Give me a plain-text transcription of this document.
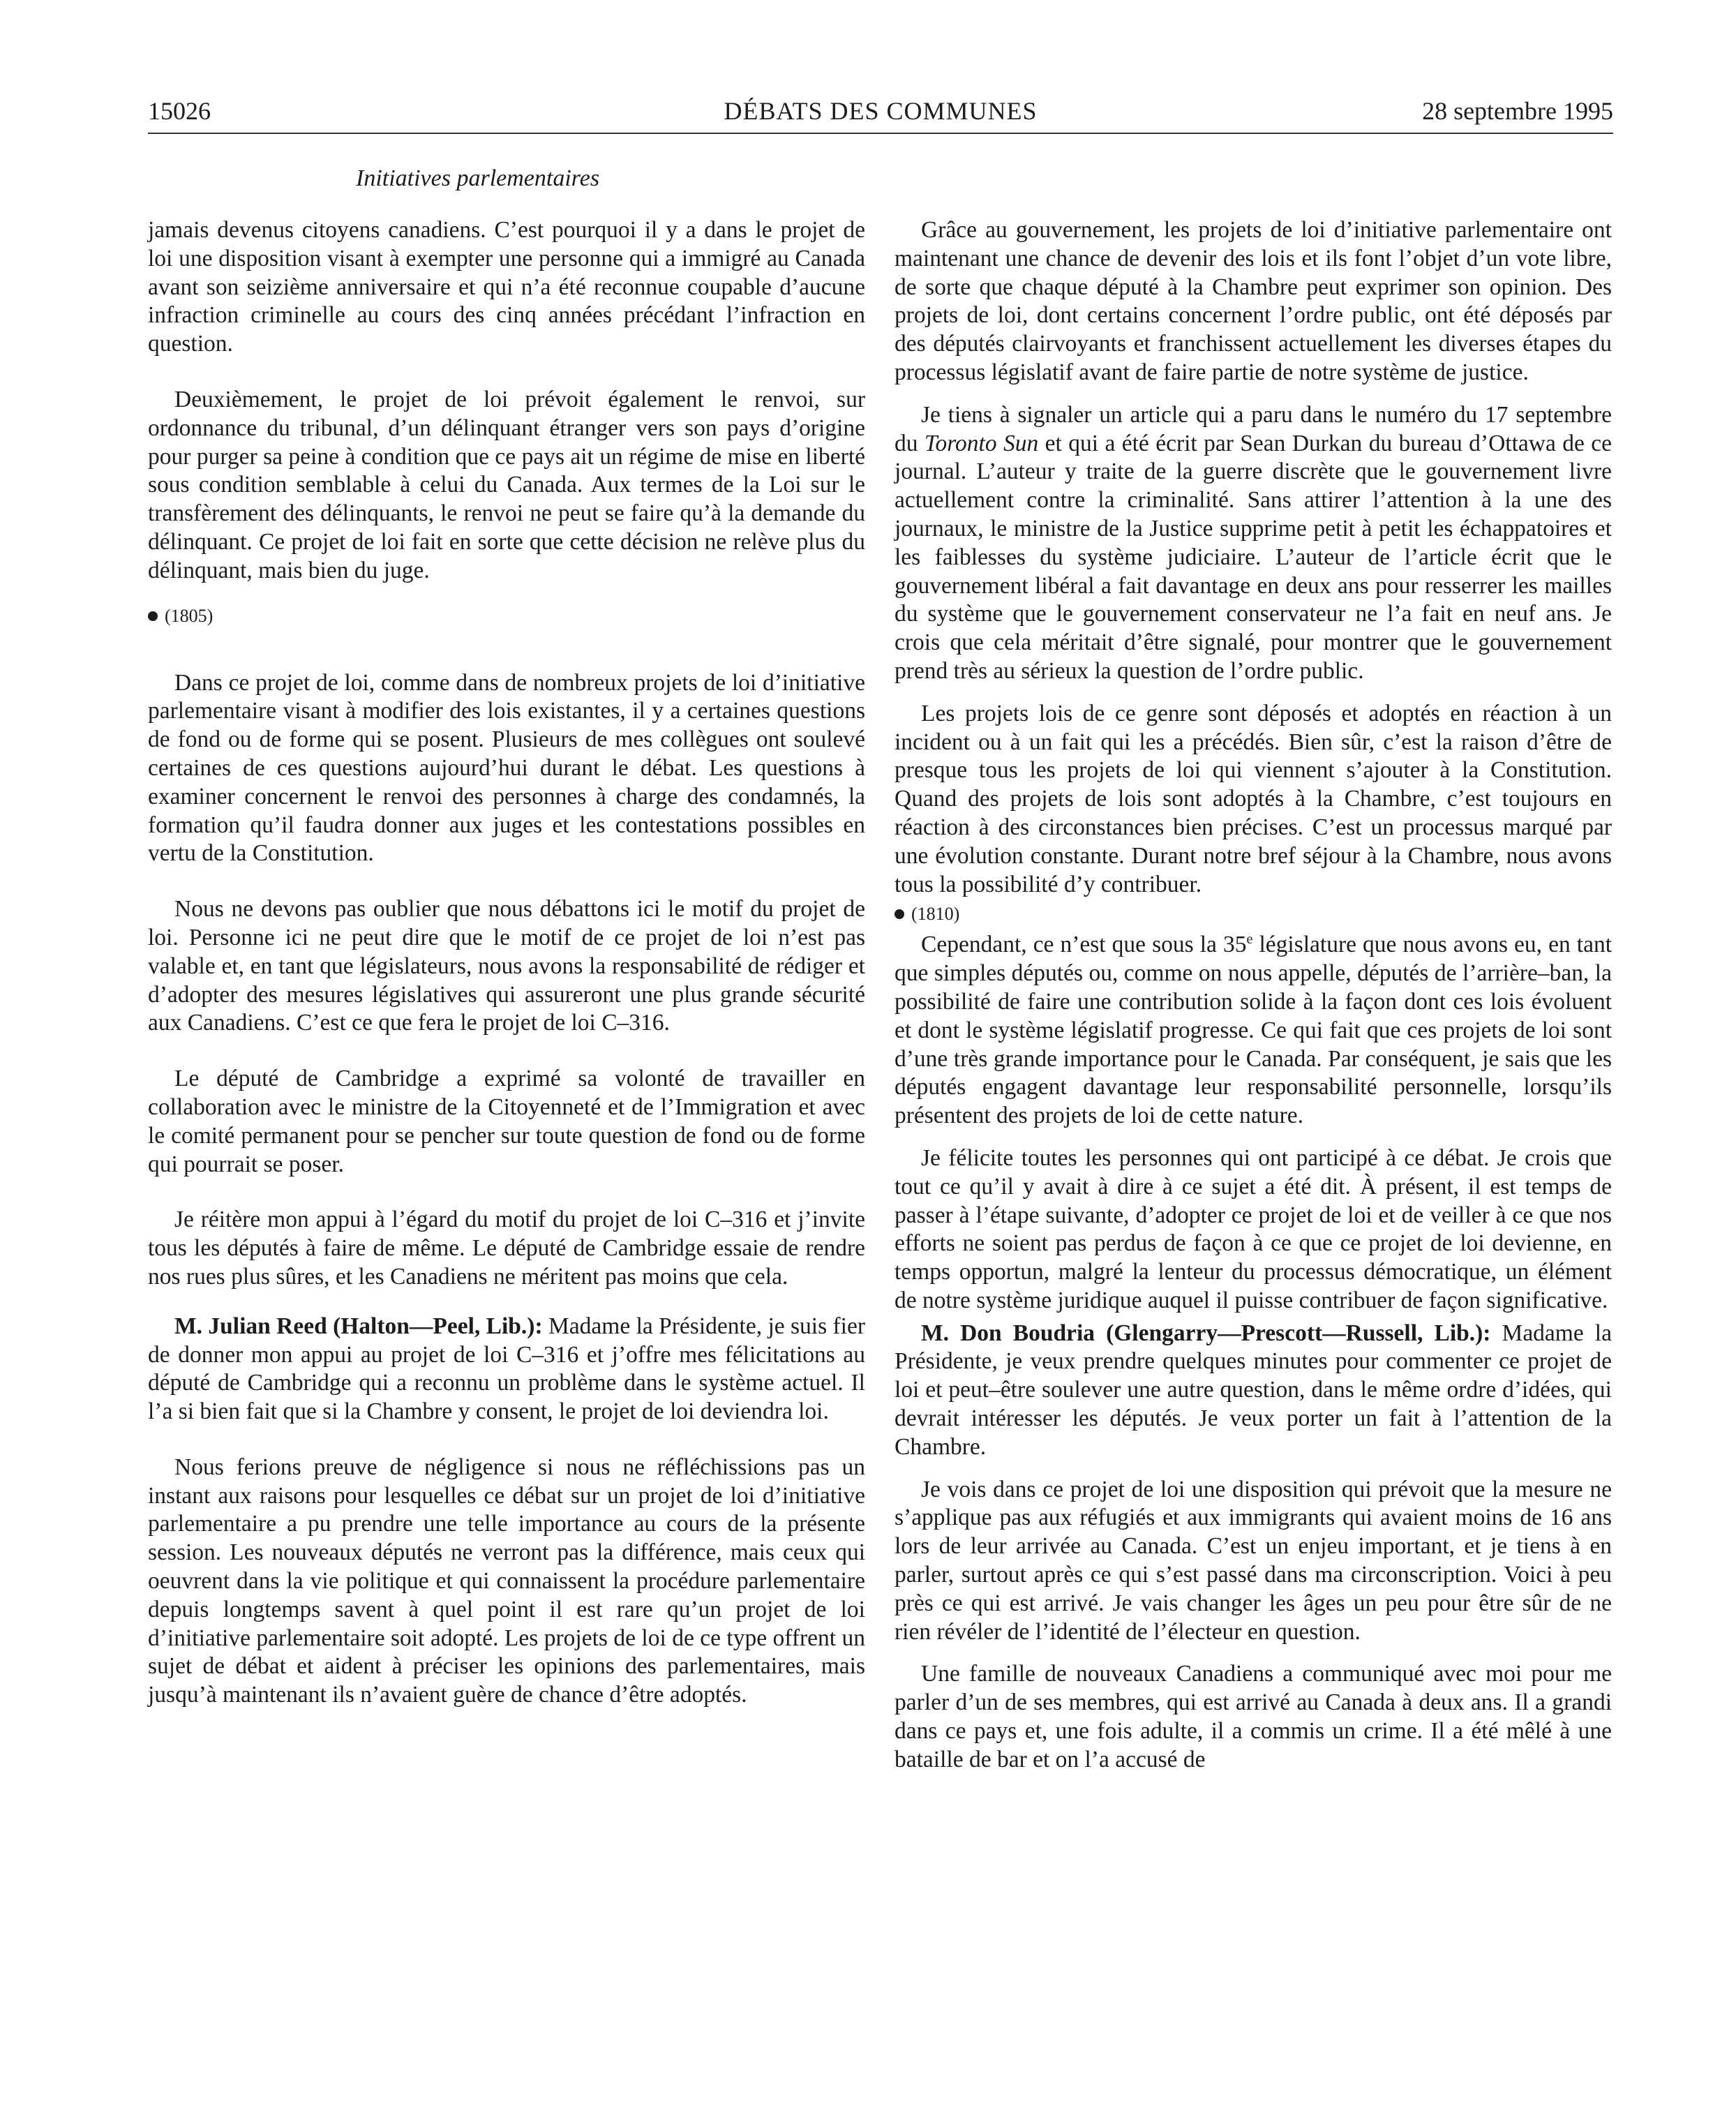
DÉBATS DES COMMUNES
15026	28 septembre 1995
Initiatives parlementaires

jamais devenus citoyens canadiens. C’est pourquoi il y a dans le projet de loi une disposition visant à exempter une personne qui a immigré au Canada avant son seizième anniversaire et qui n’a été reconnue coupable d’aucune infraction criminelle au cours des cinq années précédant l’infraction en question.

Deuxièmement, le projet de loi prévoit également le renvoi, sur ordonnance du tribunal, d’un délinquant étranger vers son pays d’origine pour purger sa peine à condition que ce pays ait un régime de mise en liberté sous condition semblable à celui du Canada. Aux termes de la Loi sur le transfèrement des délinquants, le renvoi ne peut se faire qu’à la demande du délinquant. Ce projet de loi fait en sorte que cette décision ne relève plus du délinquant, mais bien du juge.

(1805)

Dans ce projet de loi, comme dans de nombreux projets de loi d’initiative parlementaire visant à modifier des lois existantes, il y a certaines questions de fond ou de forme qui se posent. Plusieurs de mes collègues ont soulevé certaines de ces questions aujourd’hui durant le débat. Les questions à examiner concernent le renvoi des personnes à charge des condamnés, la formation qu’il faudra donner aux juges et les contestations possibles en vertu de la Constitution.

Nous ne devons pas oublier que nous débattons ici le motif du projet de loi. Personne ici ne peut dire que le motif de ce projet de loi n’est pas valable et, en tant que législateurs, nous avons la responsabilité de rédiger et d’adopter des mesures législatives qui assureront une plus grande sécurité aux Canadiens. C’est ce que fera le projet de loi C–316.

Le député de Cambridge a exprimé sa volonté de travailler en collaboration avec le ministre de la Citoyenneté et de l’Immigration et avec le comité permanent pour se pencher sur toute question de fond ou de forme qui pourrait se poser.

Je réitère mon appui à l’égard du motif du projet de loi C–316 et j’invite tous les députés à faire de même. Le député de Cambridge essaie de rendre nos rues plus sûres, et les Canadiens ne méritent pas moins que cela.

M. Julian Reed (Halton—Peel, Lib.): Madame la Présidente, je suis fier de donner mon appui au projet de loi C–316 et j’offre mes félicitations au député de Cambridge qui a reconnu un problème dans le système actuel. Il l’a si bien fait que si la Chambre y consent, le projet de loi deviendra loi.

Nous ferions preuve de négligence si nous ne réfléchissions pas un instant aux raisons pour lesquelles ce débat sur un projet de loi d’initiative parlementaire a pu prendre une telle importance au cours de la présente session. Les nouveaux députés ne verront pas la différence, mais ceux qui oeuvrent dans la vie politique et qui connaissent la procédure parlementaire depuis longtemps savent à quel point il est rare qu’un projet de loi d’initiative parlementaire soit adopté. Les projets de loi de ce type offrent un sujet de débat et aident à préciser les opinions des parlementaires, mais jusqu’à maintenant ils n’avaient guère de chance d’être adoptés.

Grâce au gouvernement, les projets de loi d’initiative parlementaire ont maintenant une chance de devenir des lois et ils font l’objet d’un vote libre, de sorte que chaque député à la Chambre peut exprimer son opinion. Des projets de loi, dont certains concernent l’ordre public, ont été déposés par des députés clairvoyants et franchissent actuellement les diverses étapes du processus législatif avant de faire partie de notre système de justice.

Je tiens à signaler un article qui a paru dans le numéro du 17 septembre du Toronto Sun et qui a été écrit par Sean Durkan du bureau d’Ottawa de ce journal. L’auteur y traite de la guerre discrète que le gouvernement livre actuellement contre la criminalité. Sans attirer l’attention à la une des journaux, le ministre de la Justice supprime petit à petit les échappatoires et les faiblesses du système judiciaire. L’auteur de l’article écrit que le gouvernement libéral a fait davantage en deux ans pour resserrer les mailles du système que le gouvernement conservateur ne l’a fait en neuf ans. Je crois que cela méritait d’être signalé, pour montrer que le gouvernement prend très au sérieux la question de l’ordre public.

Les projets lois de ce genre sont déposés et adoptés en réaction à un incident ou à un fait qui les a précédés. Bien sûr, c’est la raison d’être de presque tous les projets de loi qui viennent s’ajouter à la Constitution. Quand des projets de lois sont adoptés à la Chambre, c’est toujours en réaction à des circonstances bien précises. C’est un processus marqué par une évolution constante. Durant notre bref séjour à la Chambre, nous avons tous la possibilité d’y contribuer.

(1810)

Cependant, ce n’est que sous la 35e législature que nous avons eu, en tant que simples députés ou, comme on nous appelle, députés de l’arrière–ban, la possibilité de faire une contribution solide à la façon dont ces lois évoluent et dont le système législatif progresse. Ce qui fait que ces projets de loi sont d’une très grande importance pour le Canada. Par conséquent, je sais que les députés engagent davantage leur responsabilité personnelle, lorsqu’ils présentent des projets de loi de cette nature.

Je félicite toutes les personnes qui ont participé à ce débat. Je crois que tout ce qu’il y avait à dire à ce sujet a été dit. À présent, il est temps de passer à l’étape suivante, d’adopter ce projet de loi et de veiller à ce que nos efforts ne soient pas perdus de façon à ce que ce projet de loi devienne, en temps opportun, malgré la lenteur du processus démocratique, un élément de notre système juridique auquel il puisse contribuer de façon significative.

M. Don Boudria (Glengarry—Prescott—Russell, Lib.): Madame la Présidente, je veux prendre quelques minutes pour commenter ce projet de loi et peut–être soulever une autre question, dans le même ordre d’idées, qui devrait intéresser les députés. Je veux porter un fait à l’attention de la Chambre.

Je vois dans ce projet de loi une disposition qui prévoit que la mesure ne s’applique pas aux réfugiés et aux immigrants qui avaient moins de 16 ans lors de leur arrivée au Canada. C’est un enjeu important, et je tiens à en parler, surtout après ce qui s’est passé dans ma circonscription. Voici à peu près ce qui est arrivé. Je vais changer les âges un peu pour être sûr de ne rien révéler de l’identité de l’électeur en question.

Une famille de nouveaux Canadiens a communiqué avec moi pour me parler d’un de ses membres, qui est arrivé au Canada à deux ans. Il a grandi dans ce pays et, une fois adulte, il a commis un crime. Il a été mêlé à une bataille de bar et on l’a accusé de
